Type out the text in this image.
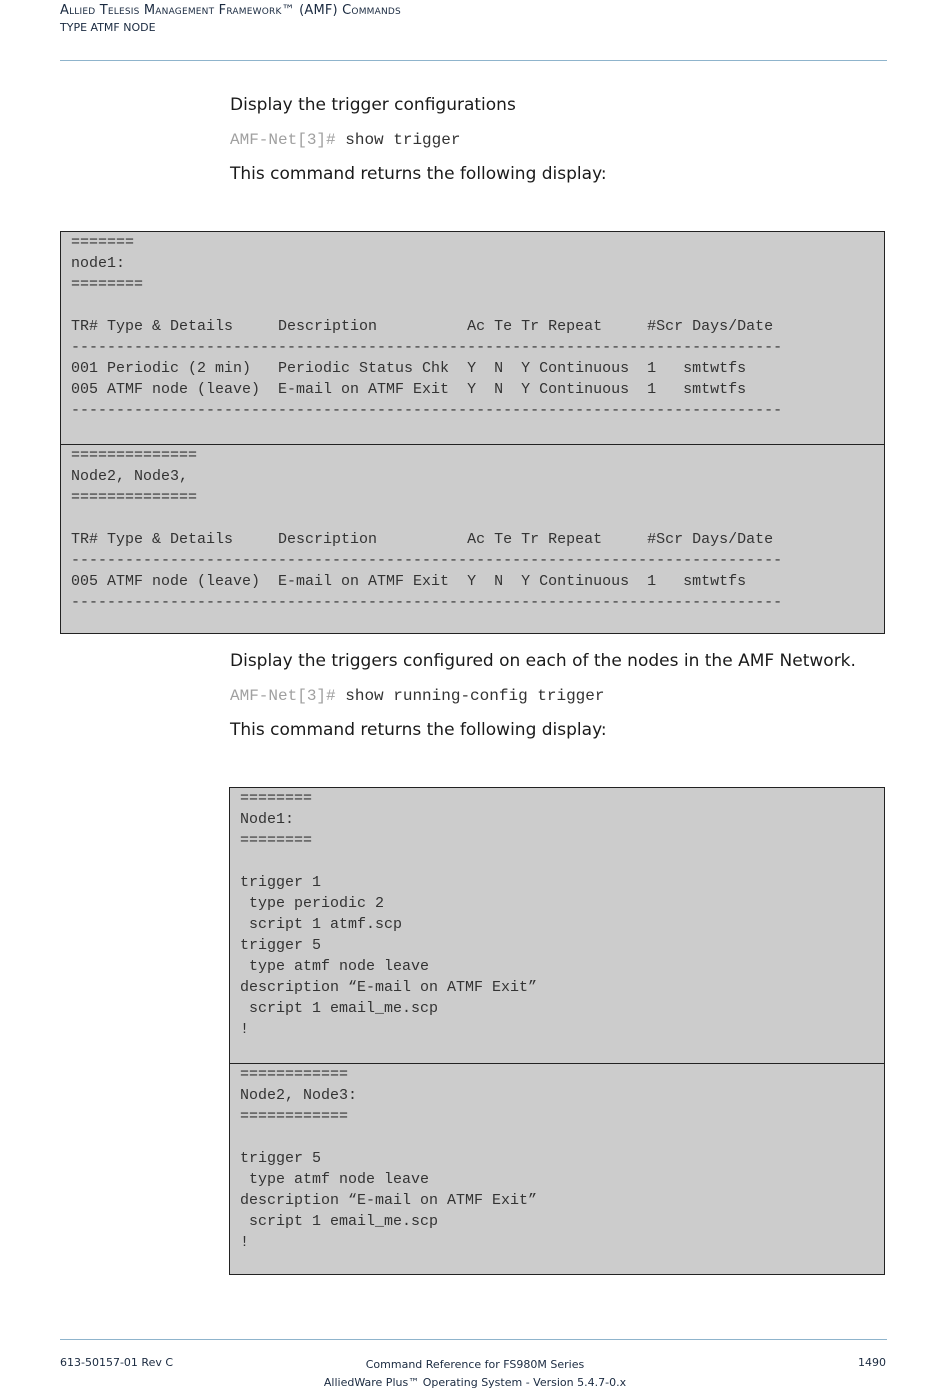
Allied Telesis Management Framework™ (AMF) Commands
TYPE ATMF NODE
Display the trigger configurations
AMF-Net[3]# show trigger
This command returns the following display:
=======
node1:
========
TR# Type & Details     Description          Ac Te Tr Repeat     #Scr Days/Date
-------------------------------------------------------------------------------
001 Periodic (2 min)   Periodic Status Chk  Y  N  Y Continuous  1   smtwtfs
005 ATMF node (leave)  E-mail on ATMF Exit  Y  N  Y Continuous  1   smtwtfs
-------------------------------------------------------------------------------
==============
Node2, Node3,
==============
TR# Type & Details     Description          Ac Te Tr Repeat     #Scr Days/Date
-------------------------------------------------------------------------------
005 ATMF node (leave)  E-mail on ATMF Exit  Y  N  Y Continuous  1   smtwtfs
-------------------------------------------------------------------------------
Display the triggers configured on each of the nodes in the AMF Network.
AMF-Net[3]# show running-config trigger
This command returns the following display:
========
Node1:
========
trigger 1
type periodic 2
script 1 atmf.scp
trigger 5
type atmf node leave
description “E-mail on ATMF Exit”
script 1 email_me.scp
!
============
Node2, Node3:
============
trigger 5
type atmf node leave
description “E-mail on ATMF Exit”
script 1 email_me.scp
!
613-50157-01 Rev C	Command Reference for FS980M Series
AlliedWare Plus™ Operating System - Version 5.4.7-0.x
1490
